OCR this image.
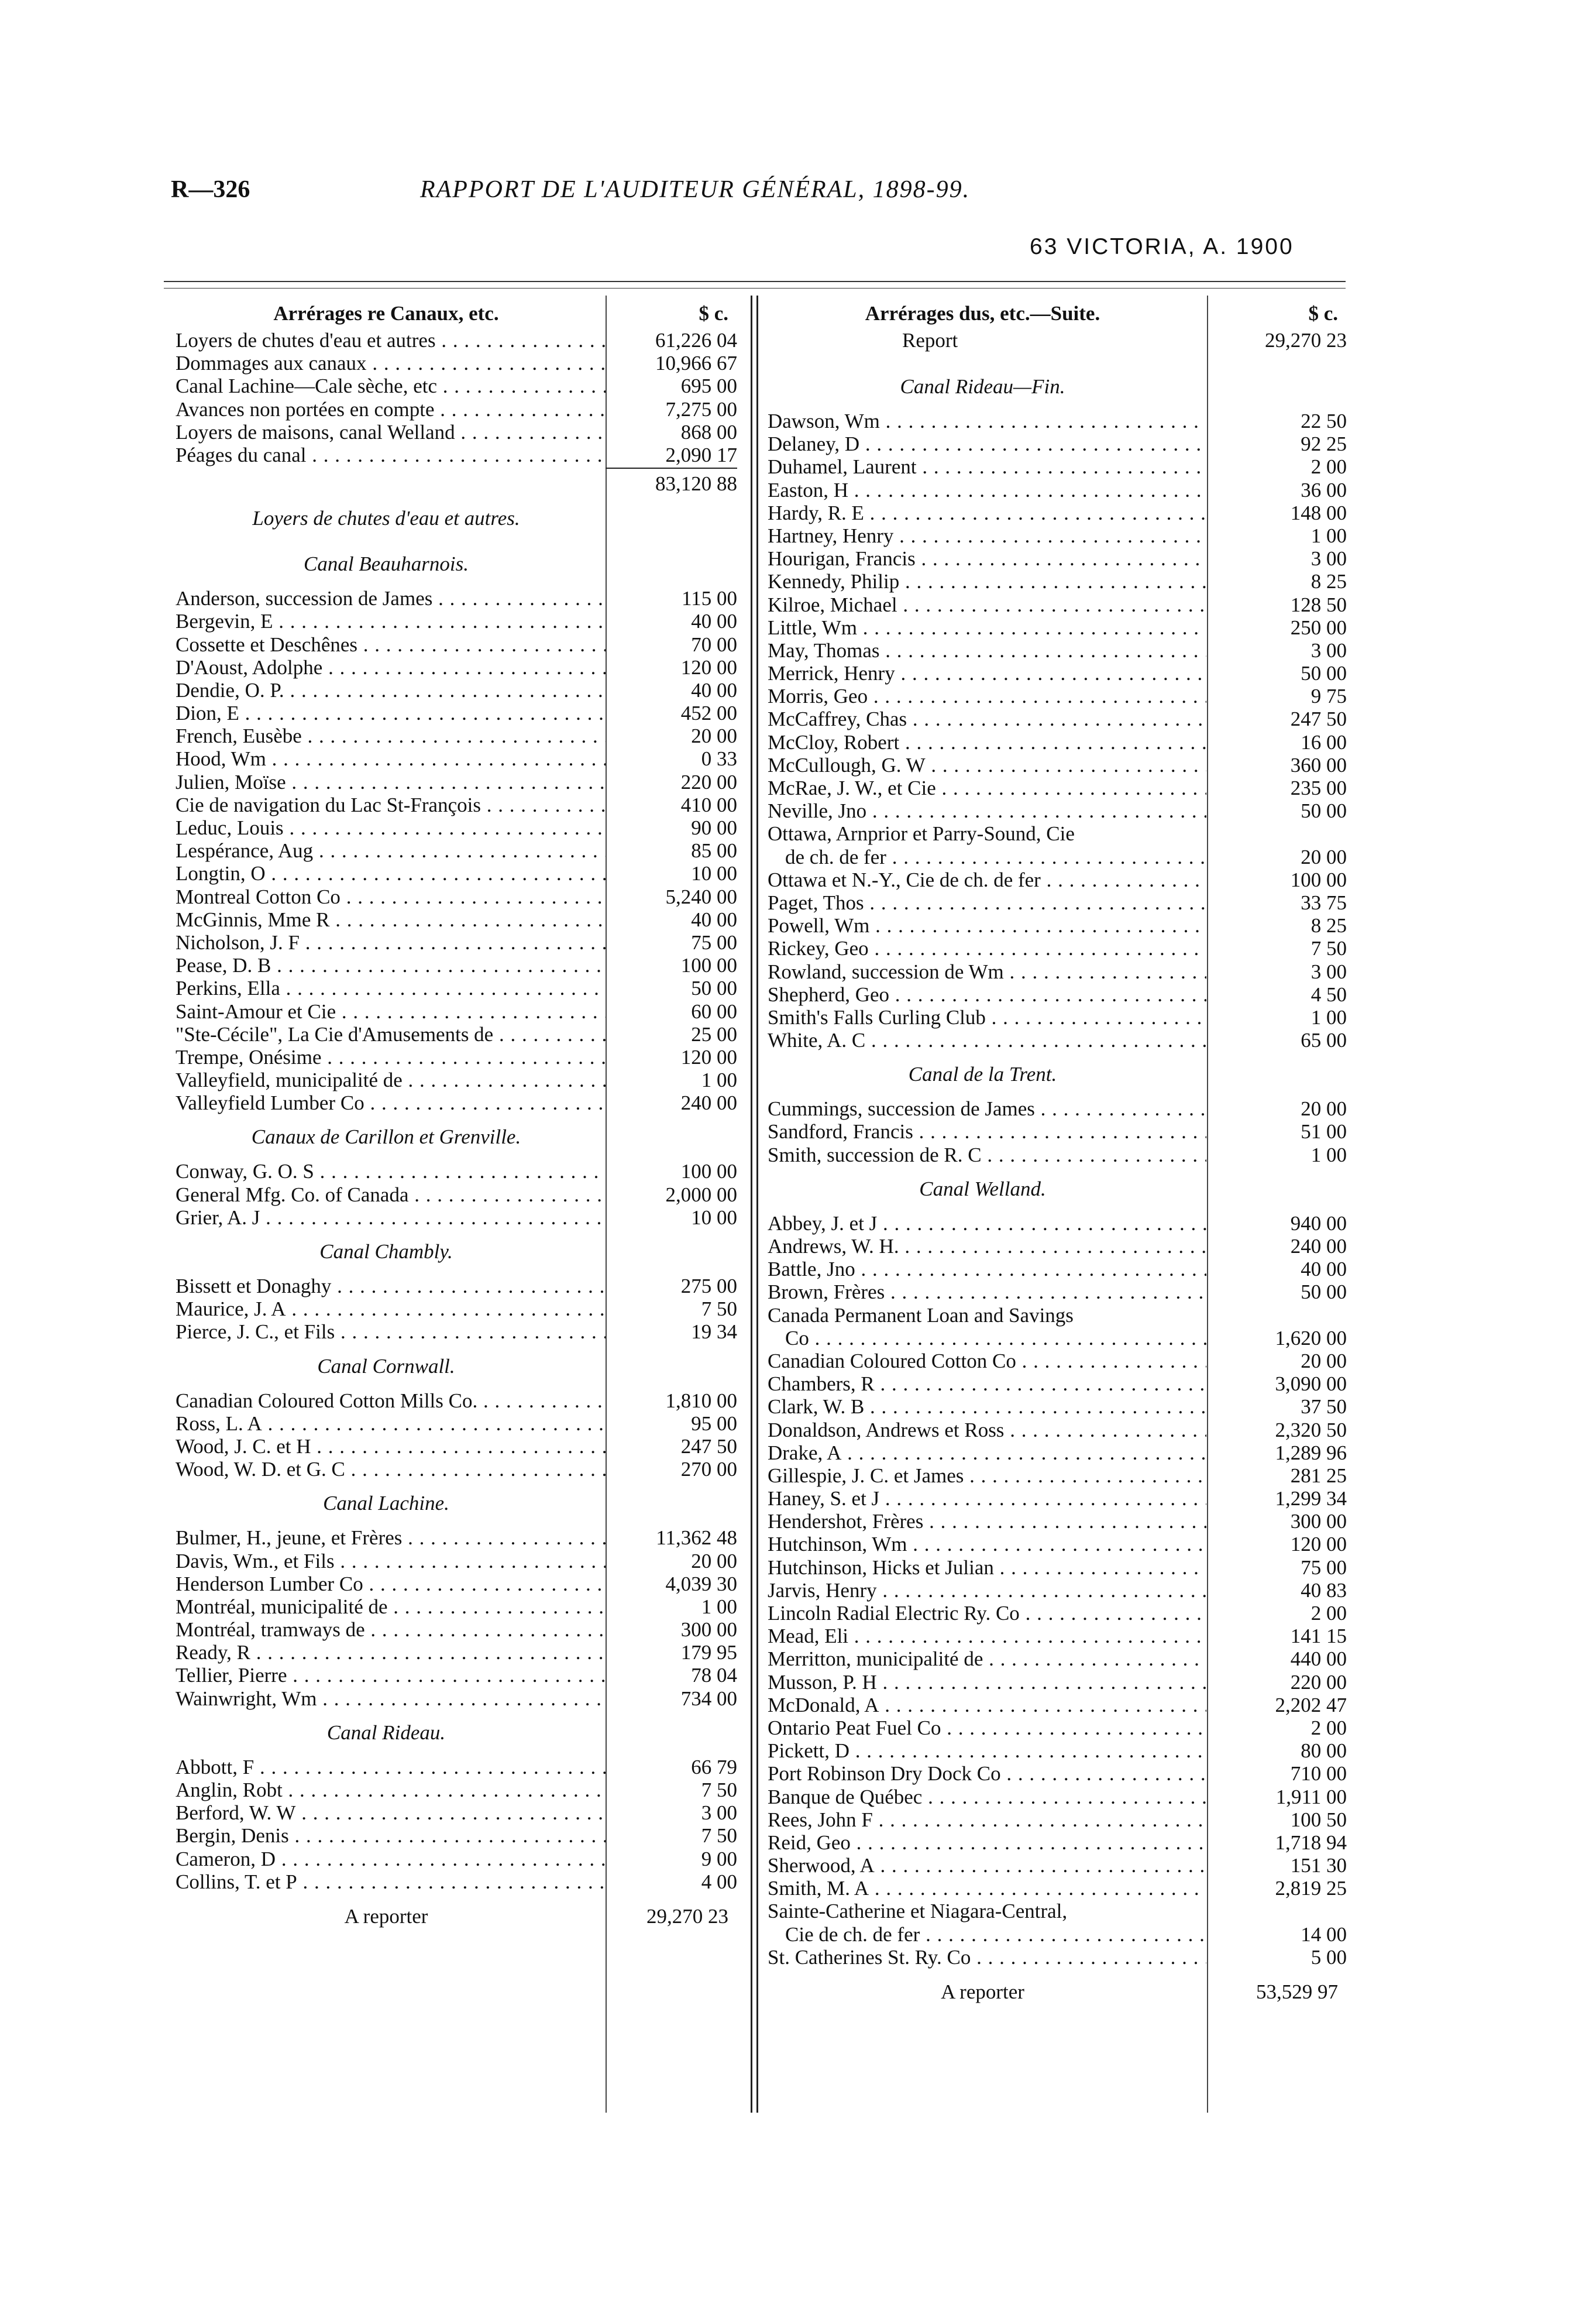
R—326	RAPPORT DE L'AUDITEUR GÉNÉRAL, 1898-99.
63 VICTORIA, A. 1900
Arrérages re Canaux, etc.	$ c.
Loyers de chutes d'eau et autres . . .	61,226 04
Dommages aux canaux . . .	10,966 67
Canal Lachine—Cale sèche, etc . . .	695 00
Avances non portées en compte . . .	7,275 00
Loyers de maisons, canal Welland . . .	868 00
Péages du canal . . .	2,090 17
83,120 88
Loyers de chutes d'eau et autres.
Canal Beauharnois.
Anderson, succession de James . . .	115 00
Bergevin, E . . .	40 00
Cossette et Deschênes . . .	70 00
D'Aoust, Adolphe . . .	120 00
Dendie, O. P. . . .	40 00
Dion, E . . .	452 00
French, Eusèbe . . .	20 00
Hood, Wm . . .	0 33
Julien, Moïse . . .	220 00
Cie de navigation du Lac St-François . . .	410 00
Leduc, Louis . . .	90 00
Lespérance, Aug . . .	85 00
Longtin, O . . .	10 00
Montreal Cotton Co . . .	5,240 00
McGinnis, Mme R . . .	40 00
Nicholson, J. F . . .	75 00
Pease, D. B . . .	100 00
Perkins, Ella . . .	50 00
Saint-Amour et Cie . . .	60 00
"Ste-Cécile", La Cie d'Amusements de . . .	25 00
Trempe, Onésime . . .	120 00
Valleyfield, municipalité de . . .	1 00
Valleyfield Lumber Co . . .	240 00
Canaux de Carillon et Grenville.
Conway, G. O. S . . .	100 00
General Mfg. Co. of Canada . . .	2,000 00
Grier, A. J . . .	10 00
Canal Chambly.
Bissett et Donaghy . . .	275 00
Maurice, J. A . . .	7 50
Pierce, J. C., et Fils . . .	19 34
Canal Cornwall.
Canadian Coloured Cotton Mills Co. . . .	1,810 00
Ross, L. A . . .	95 00
Wood, J. C. et H . . .	247 50
Wood, W. D. et G. C . . .	270 00
Canal Lachine.
Bulmer, H., jeune, et Frères . . .	11,362 48
Davis, Wm., et Fils . . .	20 00
Henderson Lumber Co . . .	4,039 30
Montréal, municipalité de . . .	1 00
Montréal, tramways de . . .	300 00
Ready, R . . .	179 95
Tellier, Pierre . . .	78 04
Wainwright, Wm . . .	734 00
Canal Rideau.
Abbott, F . . .	66 79
Anglin, Robt . . .	7 50
Berford, W. W . . .	3 00
Bergin, Denis . . .	7 50
Cameron, D . . .	9 00
Collins, T. et P . . .	4 00
A reporter	29,270 23
Arrérages dus, etc.—Suite.	$ c.
Report	29,270 23
Canal Rideau—Fin.
Dawson, Wm . . .	22 50
Delaney, D . . .	92 25
Duhamel, Laurent . . .	2 00
Easton, H . . .	36 00
Hardy, R. E . . .	148 00
Hartney, Henry . . .	1 00
Hourigan, Francis . . .	3 00
Kennedy, Philip . . .	8 25
Kilroe, Michael . . .	128 50
Little, Wm . . .	250 00
May, Thomas . . .	3 00
Merrick, Henry . . .	50 00
Morris, Geo . . .	9 75
McCaffrey, Chas . . .	247 50
McCloy, Robert . . .	16 00
McCullough, G. W . . .	360 00
McRae, J. W., et Cie . . .	235 00
Neville, Jno . . .	50 00
Ottawa, Arnprior et Parry-Sound, Cie
de ch. de fer . . .	20 00
Ottawa et N.-Y., Cie de ch. de fer . . .	100 00
Paget, Thos . . .	33 75
Powell, Wm . . .	8 25
Rickey, Geo . . .	7 50
Rowland, succession de Wm . . .	3 00
Shepherd, Geo . . .	4 50
Smith's Falls Curling Club . . .	1 00
White, A. C . . .	65 00
Canal de la Trent.
Cummings, succession de James . . .	20 00
Sandford, Francis . . .	51 00
Smith, succession de R. C . . .	1 00
Canal Welland.
Abbey, J. et J . . .	940 00
Andrews, W. H. . . .	240 00
Battle, Jno . . .	40 00
Brown, Frères . . .	50 00
Canada Permanent Loan and Savings
Co . . .	1,620 00
Canadian Coloured Cotton Co . . .	20 00
Chambers, R . . .	3,090 00
Clark, W. B . . .	37 50
Donaldson, Andrews et Ross . . .	2,320 50
Drake, A . . .	1,289 96
Gillespie, J. C. et James . . .	281 25
Haney, S. et J . . .	1,299 34
Hendershot, Frères . . .	300 00
Hutchinson, Wm . . .	120 00
Hutchinson, Hicks et Julian . . .	75 00
Jarvis, Henry . . .	40 83
Lincoln Radial Electric Ry. Co . . .	2 00
Mead, Eli . . .	141 15
Merritton, municipalité de . . .	440 00
Musson, P. H . . .	220 00
McDonald, A . . .	2,202 47
Ontario Peat Fuel Co . . .	2 00
Pickett, D . . .	80 00
Port Robinson Dry Dock Co . . .	710 00
Banque de Québec . . .	1,911 00
Rees, John F . . .	100 50
Reid, Geo . . .	1,718 94
Sherwood, A . . .	151 30
Smith, M. A . . .	2,819 25
Sainte-Catherine et Niagara-Central,
Cie de ch. de fer . . .	14 00
St. Catherines St. Ry. Co . . .	5 00
A reporter	53,529 97
